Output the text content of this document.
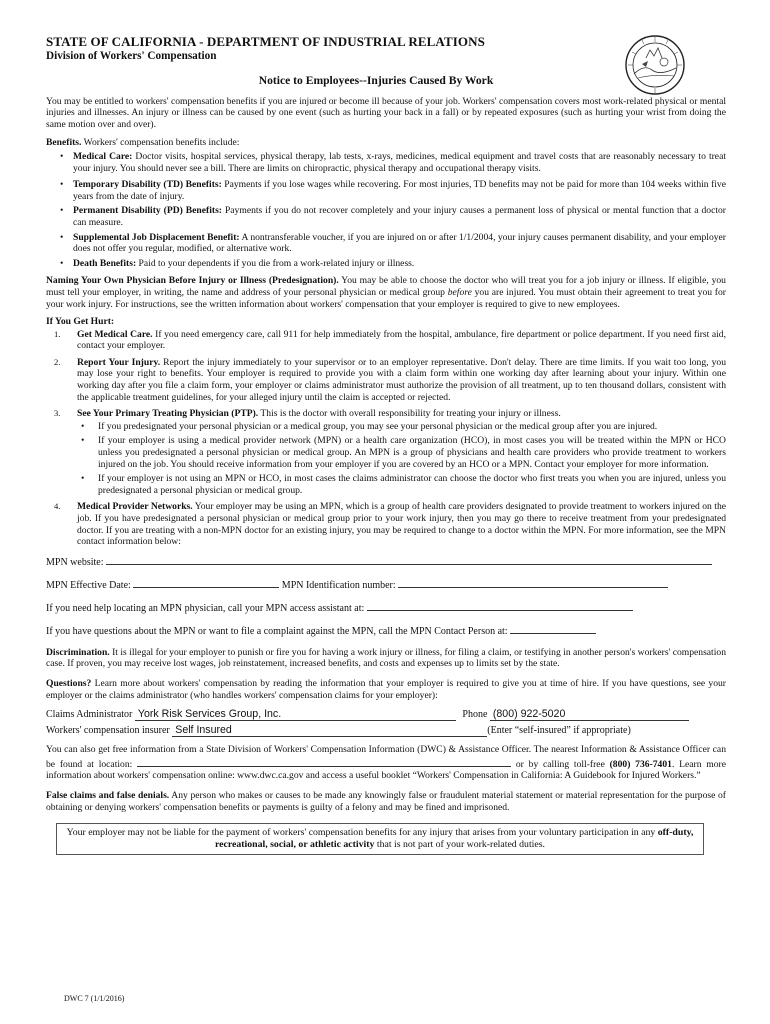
STATE OF CALIFORNIA - DEPARTMENT OF INDUSTRIAL RELATIONS
Division of Workers' Compensation
Notice to Employees--Injuries Caused By Work

You may be entitled to workers' compensation benefits if you are injured or become ill because of your job. Workers' compensation covers most work-related physical or mental injuries and illnesses. An injury or illness can be caused by one event (such as hurting your back in a fall) or by repeated exposures (such as hurting your wrist from doing the same motion over and over).

Benefits. Workers' compensation benefits include:
• Medical Care: Doctor visits, hospital services, physical therapy, lab tests, x-rays, medicines, medical equipment and travel costs that are reasonably necessary to treat your injury. You should never see a bill. There are limits on chiropractic, physical therapy and occupational therapy visits.
• Temporary Disability (TD) Benefits: Payments if you lose wages while recovering. For most injuries, TD benefits may not be paid for more than 104 weeks within five years from the date of injury.
• Permanent Disability (PD) Benefits: Payments if you do not recover completely and your injury causes a permanent loss of physical or mental function that a doctor can measure.
• Supplemental Job Displacement Benefit: A nontransferable voucher, if you are injured on or after 1/1/2004, your injury causes permanent disability, and your employer does not offer you regular, modified, or alternative work.
• Death Benefits: Paid to your dependents if you die from a work-related injury or illness.

Naming Your Own Physician Before Injury or Illness (Predesignation). You may be able to choose the doctor who will treat you for a job injury or illness. If eligible, you must tell your employer, in writing, the name and address of your personal physician or medical group before you are injured. You must obtain their agreement to treat you for your work injury. For instructions, see the written information about workers' compensation that your employer is required to give to new employees.

If You Get Hurt:
1. Get Medical Care. If you need emergency care, call 911 for help immediately from the hospital, ambulance, fire department or police department. If you need first aid, contact your employer.
2. Report Your Injury. Report the injury immediately to your supervisor or to an employer representative. Don't delay. There are time limits. If you wait too long, you may lose your right to benefits. Your employer is required to provide you with a claim form within one working day after learning about your injury. Within one working day after you file a claim form, your employer or claims administrator must authorize the provision of all treatment, up to ten thousand dollars, consistent with the applicable treatment guidelines, for your alleged injury until the claim is accepted or rejected.
3. See Your Primary Treating Physician (PTP). This is the doctor with overall responsibility for treating your injury or illness.
• If you predesignated your personal physician or a medical group, you may see your personal physician or the medical group after you are injured.
• If your employer is using a medical provider network (MPN) or a health care organization (HCO), in most cases you will be treated within the MPN or HCO unless you predesignated a personal physician or medical group. An MPN is a group of physicians and health care providers who provide treatment to workers injured on the job. You should receive information from your employer if you are covered by an HCO or a MPN. Contact your employer for more information.
• If your employer is not using an MPN or HCO, in most cases the claims administrator can choose the doctor who first treats you when you are injured, unless you predesignated a personal physician or medical group.
4. Medical Provider Networks. Your employer may be using an MPN, which is a group of health care providers designated to provide treatment to workers injured on the job. If you have predesignated a personal physician or medical group prior to your work injury, then you may go there to receive treatment from your predesignated doctor. If you are treating with a non-MPN doctor for an existing injury, you may be required to change to a doctor within the MPN. For more information, see the MPN contact information below:
MPN website:
MPN Effective Date:	MPN Identification number:
If you need help locating an MPN physician, call your MPN access assistant at:
If you have questions about the MPN or want to file a complaint against the MPN, call the MPN Contact Person at:

Discrimination. It is illegal for your employer to punish or fire you for having a work injury or illness, for filing a claim, or testifying in another person's workers' compensation case. If proven, you may receive lost wages, job reinstatement, increased benefits, and costs and expenses up to limits set by the state.

Questions? Learn more about workers' compensation by reading the information that your employer is required to give you at time of hire. If you have questions, see your employer or the claims administrator (who handles workers' compensation claims for your employer):

Claims Administrator York Risk Services Group, Inc.	Phone (800) 922-5020
Workers' compensation insurer Self Insured	(Enter “self-insured” if appropriate)

You can also get free information from a State Division of Workers' Compensation Information (DWC) & Assistance Officer. The nearest Information & Assistance Officer can be found at location:	or by calling toll-free (800) 736-7401. Learn more information about workers' compensation online: www.dwc.ca.gov and access a useful booklet “Workers' Compensation in California: A Guidebook for Injured Workers.”

False claims and false denials. Any person who makes or causes to be made any knowingly false or fraudulent material statement or material representation for the purpose of obtaining or denying workers' compensation benefits or payments is guilty of a felony and may be fined and imprisoned.

Your employer may not be liable for the payment of workers' compensation benefits for any injury that arises from your voluntary participation in any off-duty, recreational, social, or athletic activity that is not part of your work-related duties.
DWC 7 (1/1/2016)
